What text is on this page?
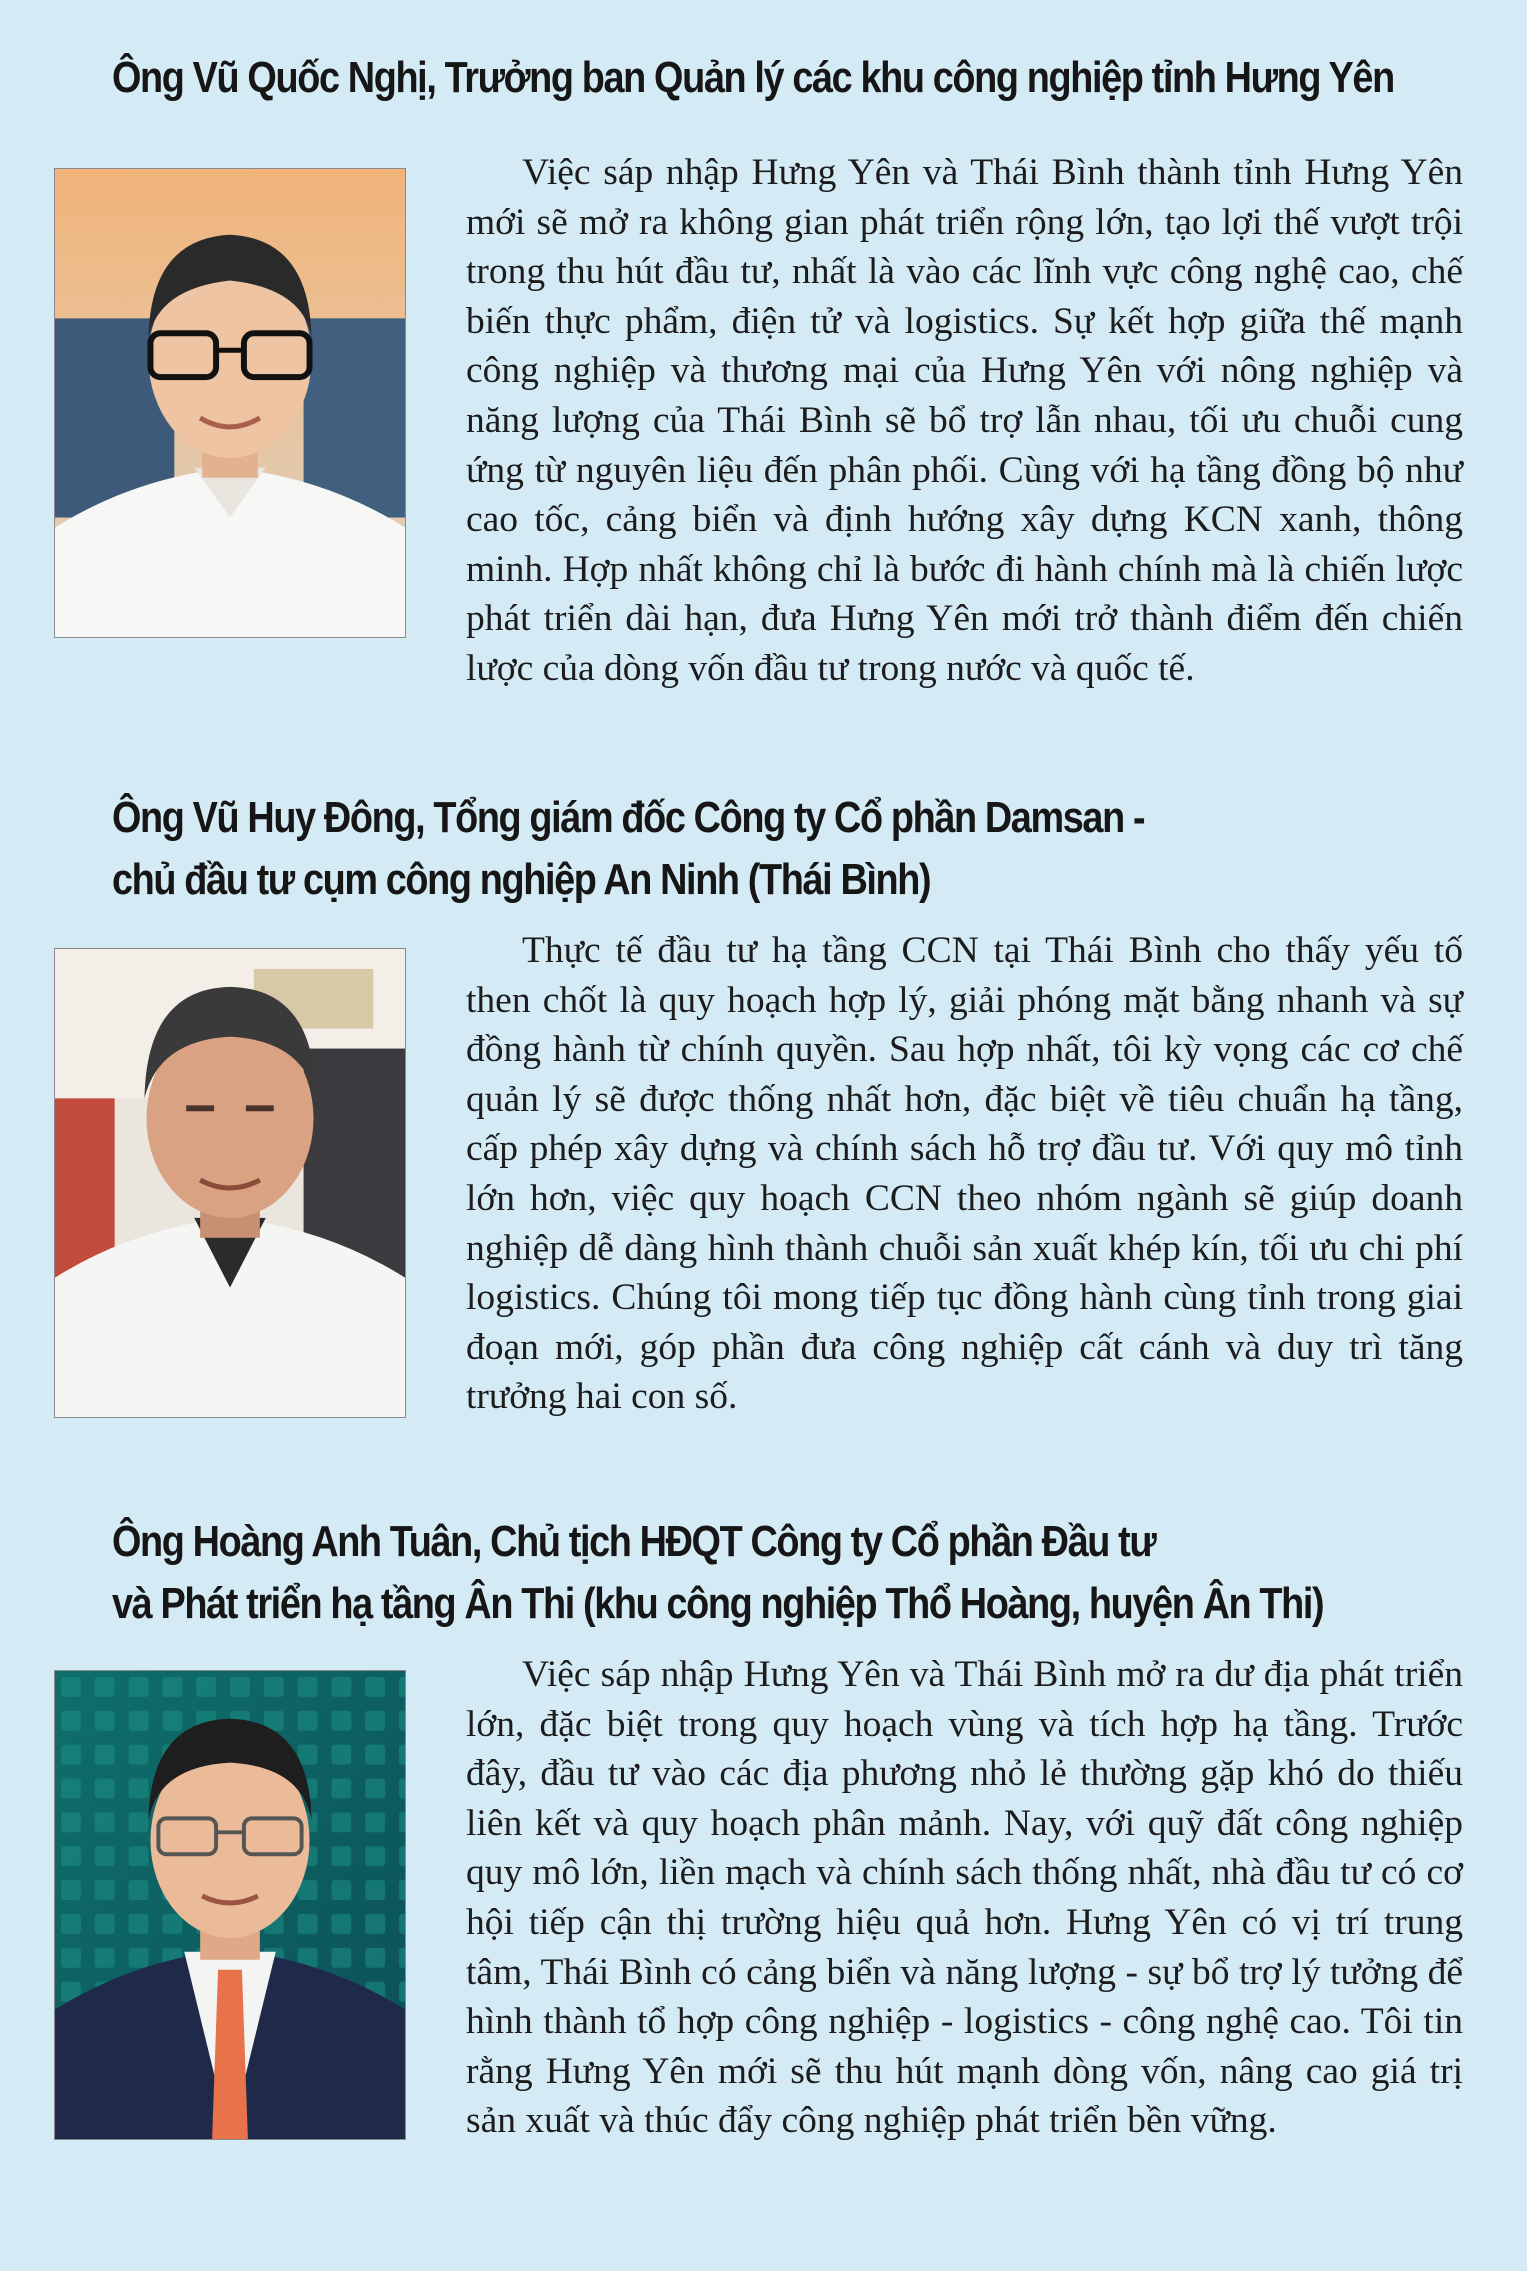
Ông Vũ Quốc Nghị, Trưởng ban Quản lý các khu công nghiệp tỉnh Hưng Yên

Việc sáp nhập Hưng Yên và Thái Bình thành tỉnh Hưng Yên mới sẽ mở ra không gian phát triển rộng lớn, tạo lợi thế vượt trội trong thu hút đầu tư, nhất là vào các lĩnh vực công nghệ cao, chế biến thực phẩm, điện tử và logistics. Sự kết hợp giữa thế mạnh công nghiệp và thương mại của Hưng Yên với nông nghiệp và năng lượng của Thái Bình sẽ bổ trợ lẫn nhau, tối ưu chuỗi cung ứng từ nguyên liệu đến phân phối. Cùng với hạ tầng đồng bộ như cao tốc, cảng biển và định hướng xây dựng KCN xanh, thông minh. Hợp nhất không chỉ là bước đi hành chính mà là chiến lược phát triển dài hạn, đưa Hưng Yên mới trở thành điểm đến chiến lược của dòng vốn đầu tư trong nước và quốc tế.

Ông Vũ Huy Đông, Tổng giám đốc Công ty Cổ phần Damsan -
chủ đầu tư cụm công nghiệp An Ninh (Thái Bình)

Thực tế đầu tư hạ tầng CCN tại Thái Bình cho thấy yếu tố then chốt là quy hoạch hợp lý, giải phóng mặt bằng nhanh và sự đồng hành từ chính quyền. Sau hợp nhất, tôi kỳ vọng các cơ chế quản lý sẽ được thống nhất hơn, đặc biệt về tiêu chuẩn hạ tầng, cấp phép xây dựng và chính sách hỗ trợ đầu tư. Với quy mô tỉnh lớn hơn, việc quy hoạch CCN theo nhóm ngành sẽ giúp doanh nghiệp dễ dàng hình thành chuỗi sản xuất khép kín, tối ưu chi phí logistics. Chúng tôi mong tiếp tục đồng hành cùng tỉnh trong giai đoạn mới, góp phần đưa công nghiệp cất cánh và duy trì tăng trưởng hai con số.

Ông Hoàng Anh Tuân, Chủ tịch HĐQT Công ty Cổ phần Đầu tư
và Phát triển hạ tầng Ân Thi (khu công nghiệp Thổ Hoàng, huyện Ân Thi)

Việc sáp nhập Hưng Yên và Thái Bình mở ra dư địa phát triển lớn, đặc biệt trong quy hoạch vùng và tích hợp hạ tầng. Trước đây, đầu tư vào các địa phương nhỏ lẻ thường gặp khó do thiếu liên kết và quy hoạch phân mảnh. Nay, với quỹ đất công nghiệp quy mô lớn, liền mạch và chính sách thống nhất, nhà đầu tư có cơ hội tiếp cận thị trường hiệu quả hơn. Hưng Yên có vị trí trung tâm, Thái Bình có cảng biển và năng lượng - sự bổ trợ lý tưởng để hình thành tổ hợp công nghiệp - logistics - công nghệ cao. Tôi tin rằng Hưng Yên mới sẽ thu hút mạnh dòng vốn, nâng cao giá trị sản xuất và thúc đẩy công nghiệp phát triển bền vững.
